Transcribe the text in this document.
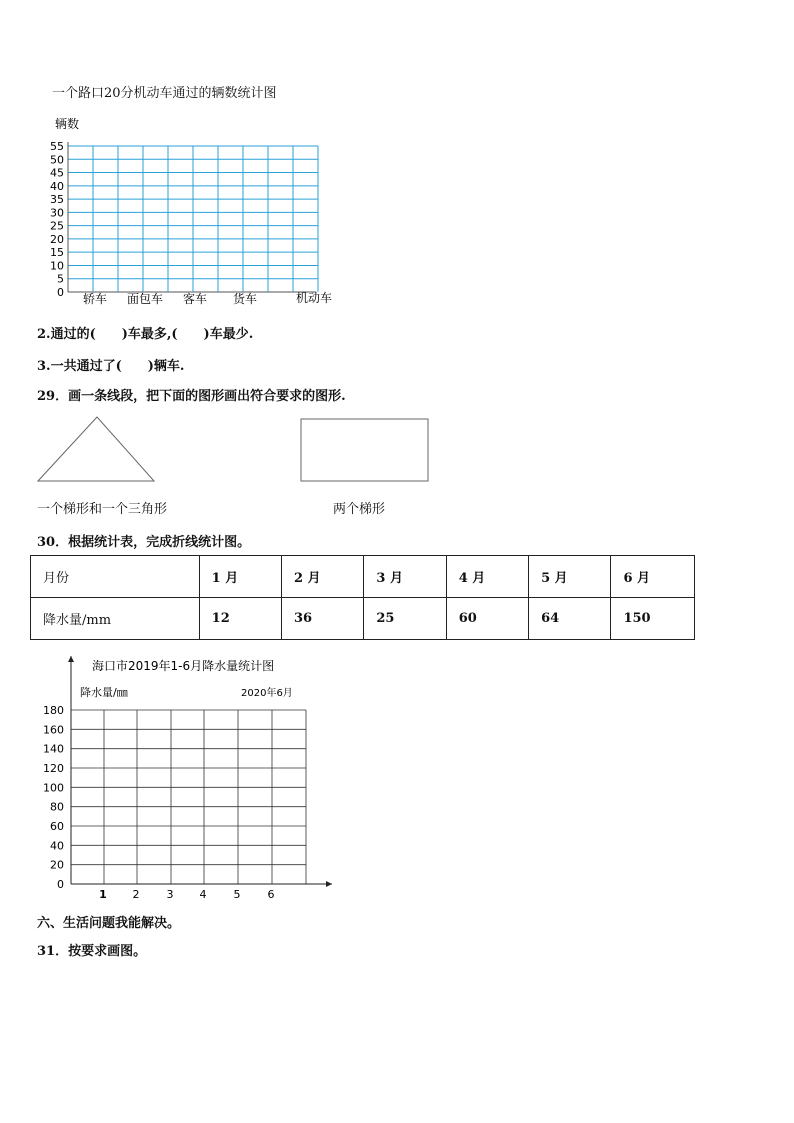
一个路口20分机动车通过的辆数统计图
辆数
0
5
10
15
20
25
30
35
40
45
50
55
轿车 面包车 客车 货车	机动车
2.通过的(　　)车最多,(　　)车最少.
3.一共通过了(　　)辆车.
29．画一条线段，把下面的图形画出符合要求的图形.
一个梯形和一个三角形	两个梯形
30．根据统计表，完成折线统计图。
月份	1 月	2 月	3 月	4 月	5 月	6 月
降水量/mm	12	36	25	60	64	150
海口市2019年1-6月降水量统计图
降水量/㎜	2020年6月
0
20
40
60
80
100
120
140
160
180
1 2 3 4 5 6
六、生活问题我能解决。
31．按要求画图。
